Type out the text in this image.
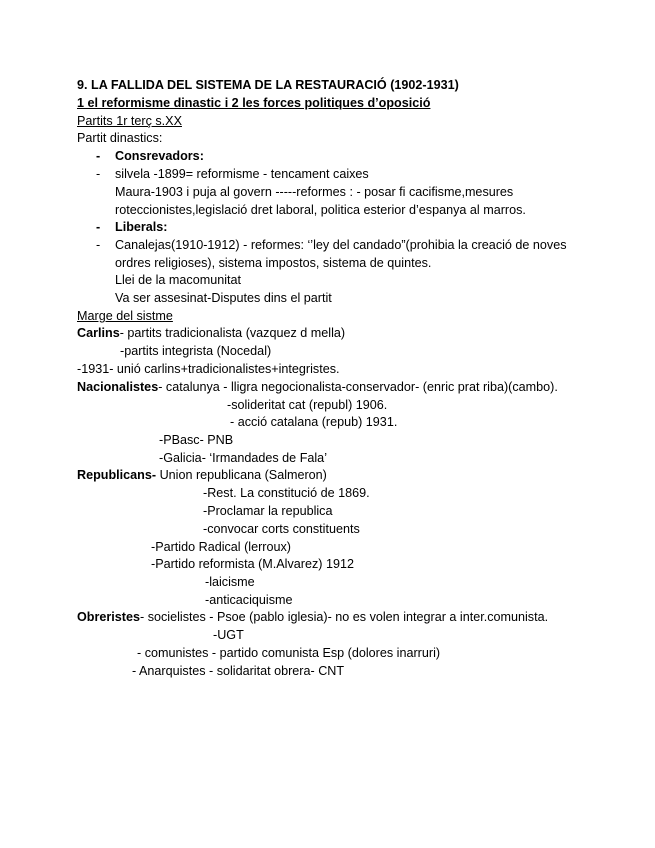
9. LA FALLIDA DEL SISTEMA DE LA RESTAURACIÓ (1902-1931)
1 el reformisme dinastic i 2 les forces politiques d’oposició
Partits 1r terç s.XX
Partit dinastics:
- Consrevadors:
- silvela -1899= reformisme - tencament caixes
Maura-1903 i puja al govern -----reformes : - posar fi cacifisme,mesures
roteccionistes,legislació dret laboral, politica esterior d’espanya al marros.
- Liberals:
- Canalejas(1910-1912) - reformes: ‘’ley del candado”(prohibia la creació de noves
ordres religioses), sistema impostos, sistema de quintes.
Llei de la macomunitat
Va ser assesinat-Disputes dins el partit
Marge del sistme
Carlins- partits tradicionalista (vazquez d mella)
-partits integrista (Nocedal)
-1931- unió carlins+tradicionalistes+integristes.
Nacionalistes- catalunya - lligra negocionalista-conservador- (enric prat riba)(cambo).
-solideritat cat (republ) 1906.
- acció catalana (repub) 1931.
-PBasc- PNB
-Galicia- ‘Irmandades de Fala’
Republicans- Union republicana (Salmeron)
-Rest. La constitució de 1869.
-Proclamar la republica
-convocar corts constituents
-Partido Radical (lerroux)
-Partido reformista (M.Alvarez) 1912
-laicisme
-anticaciquisme
Obreristes- socielistes - Psoe (pablo iglesia)- no es volen integrar a inter.comunista.
-UGT
- comunistes - partido comunista Esp (dolores inarruri)
- Anarquistes - solidaritat obrera- CNT
